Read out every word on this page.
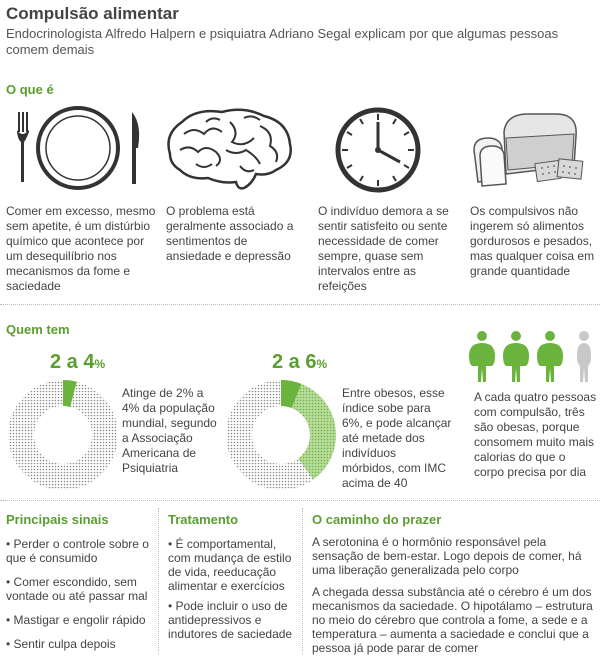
Compulsão alimentar
Endocrinologista Alfredo Halpern e psiquiatra Adriano Segal explicam por que algumas pessoas comem demais
O que é
Comer em excesso, mesmo sem apetite, é um distúrbio químico que acontece por um desequilíbrio nos mecanismos da fome e saciedade
O problema está geralmente associado a sentimentos de ansiedade e depressão
O indivíduo demora a se sentir satisfeito ou sente necessidade de comer sempre, quase sem intervalos entre as refeições
Os compulsivos não ingerem só alimentos gordurosos e pesados, mas qualquer coisa em grande quantidade
Quem tem
2 a 4%
Atinge de 2% a 4% da população mundial, segundo a Associação Americana de Psiquiatria
2 a 6%
Entre obesos, esse índice sobe para 6%, e pode alcançar até metade dos indivíduos mórbidos, com IMC acima de 40
A cada quatro pessoas com compulsão, três são obesas, porque consomem muito mais calorias do que o corpo precisa por dia
Principais sinais
• Perder o controle sobre o que é consumido
• Comer escondido, sem vontade ou até passar mal
• Mastigar e engolir rápido
• Sentir culpa depois
Tratamento
• É comportamental, com mudança de estilo de vida, reeducação alimentar e exercícios
• Pode incluir o uso de antidepressivos e indutores de saciedade
O caminho do prazer
A serotonina é o hormônio responsável pela sensação de bem-estar. Logo depois de comer, há uma liberação generalizada pelo corpo
A chegada dessa substância até o cérebro é um dos mecanismos da saciedade. O hipotálamo – estrutura no meio do cérebro que controla a fome, a sede e a temperatura – aumenta a saciedade e conclui que a pessoa já pode parar de comer
